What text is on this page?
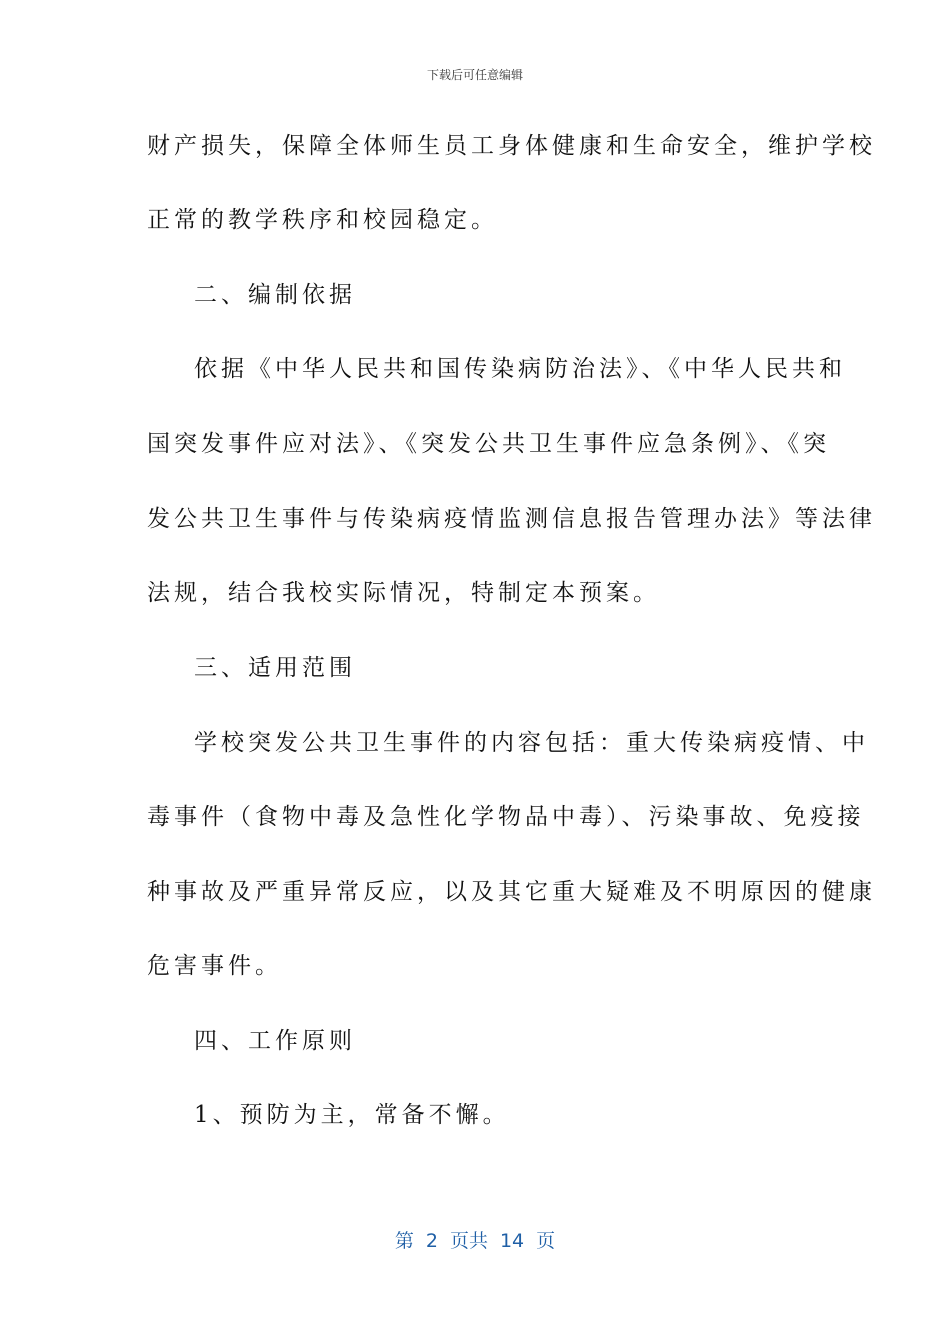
下载后可任意编辑
财产损失，保障全体师生员工身体健康和生命安全，维护学校
正常的教学秩序和校园稳定。
二、编制依据
依据《中华人民共和国传染病防治法》、《中华人民共和
国突发事件应对法》、《突发公共卫生事件应急条例》、《突
发公共卫生事件与传染病疫情监测信息报告管理办法》等法律
法规，结合我校实际情况，特制定本预案。
三、适用范围
学校突发公共卫生事件的内容包括：重大传染病疫情、中
毒事件（食物中毒及急性化学物品中毒）、污染事故、免疫接
种事故及严重异常反应，以及其它重大疑难及不明原因的健康
危害事件。
四、工作原则
1、预防为主，常备不懈。
第 2 页共 14 页
